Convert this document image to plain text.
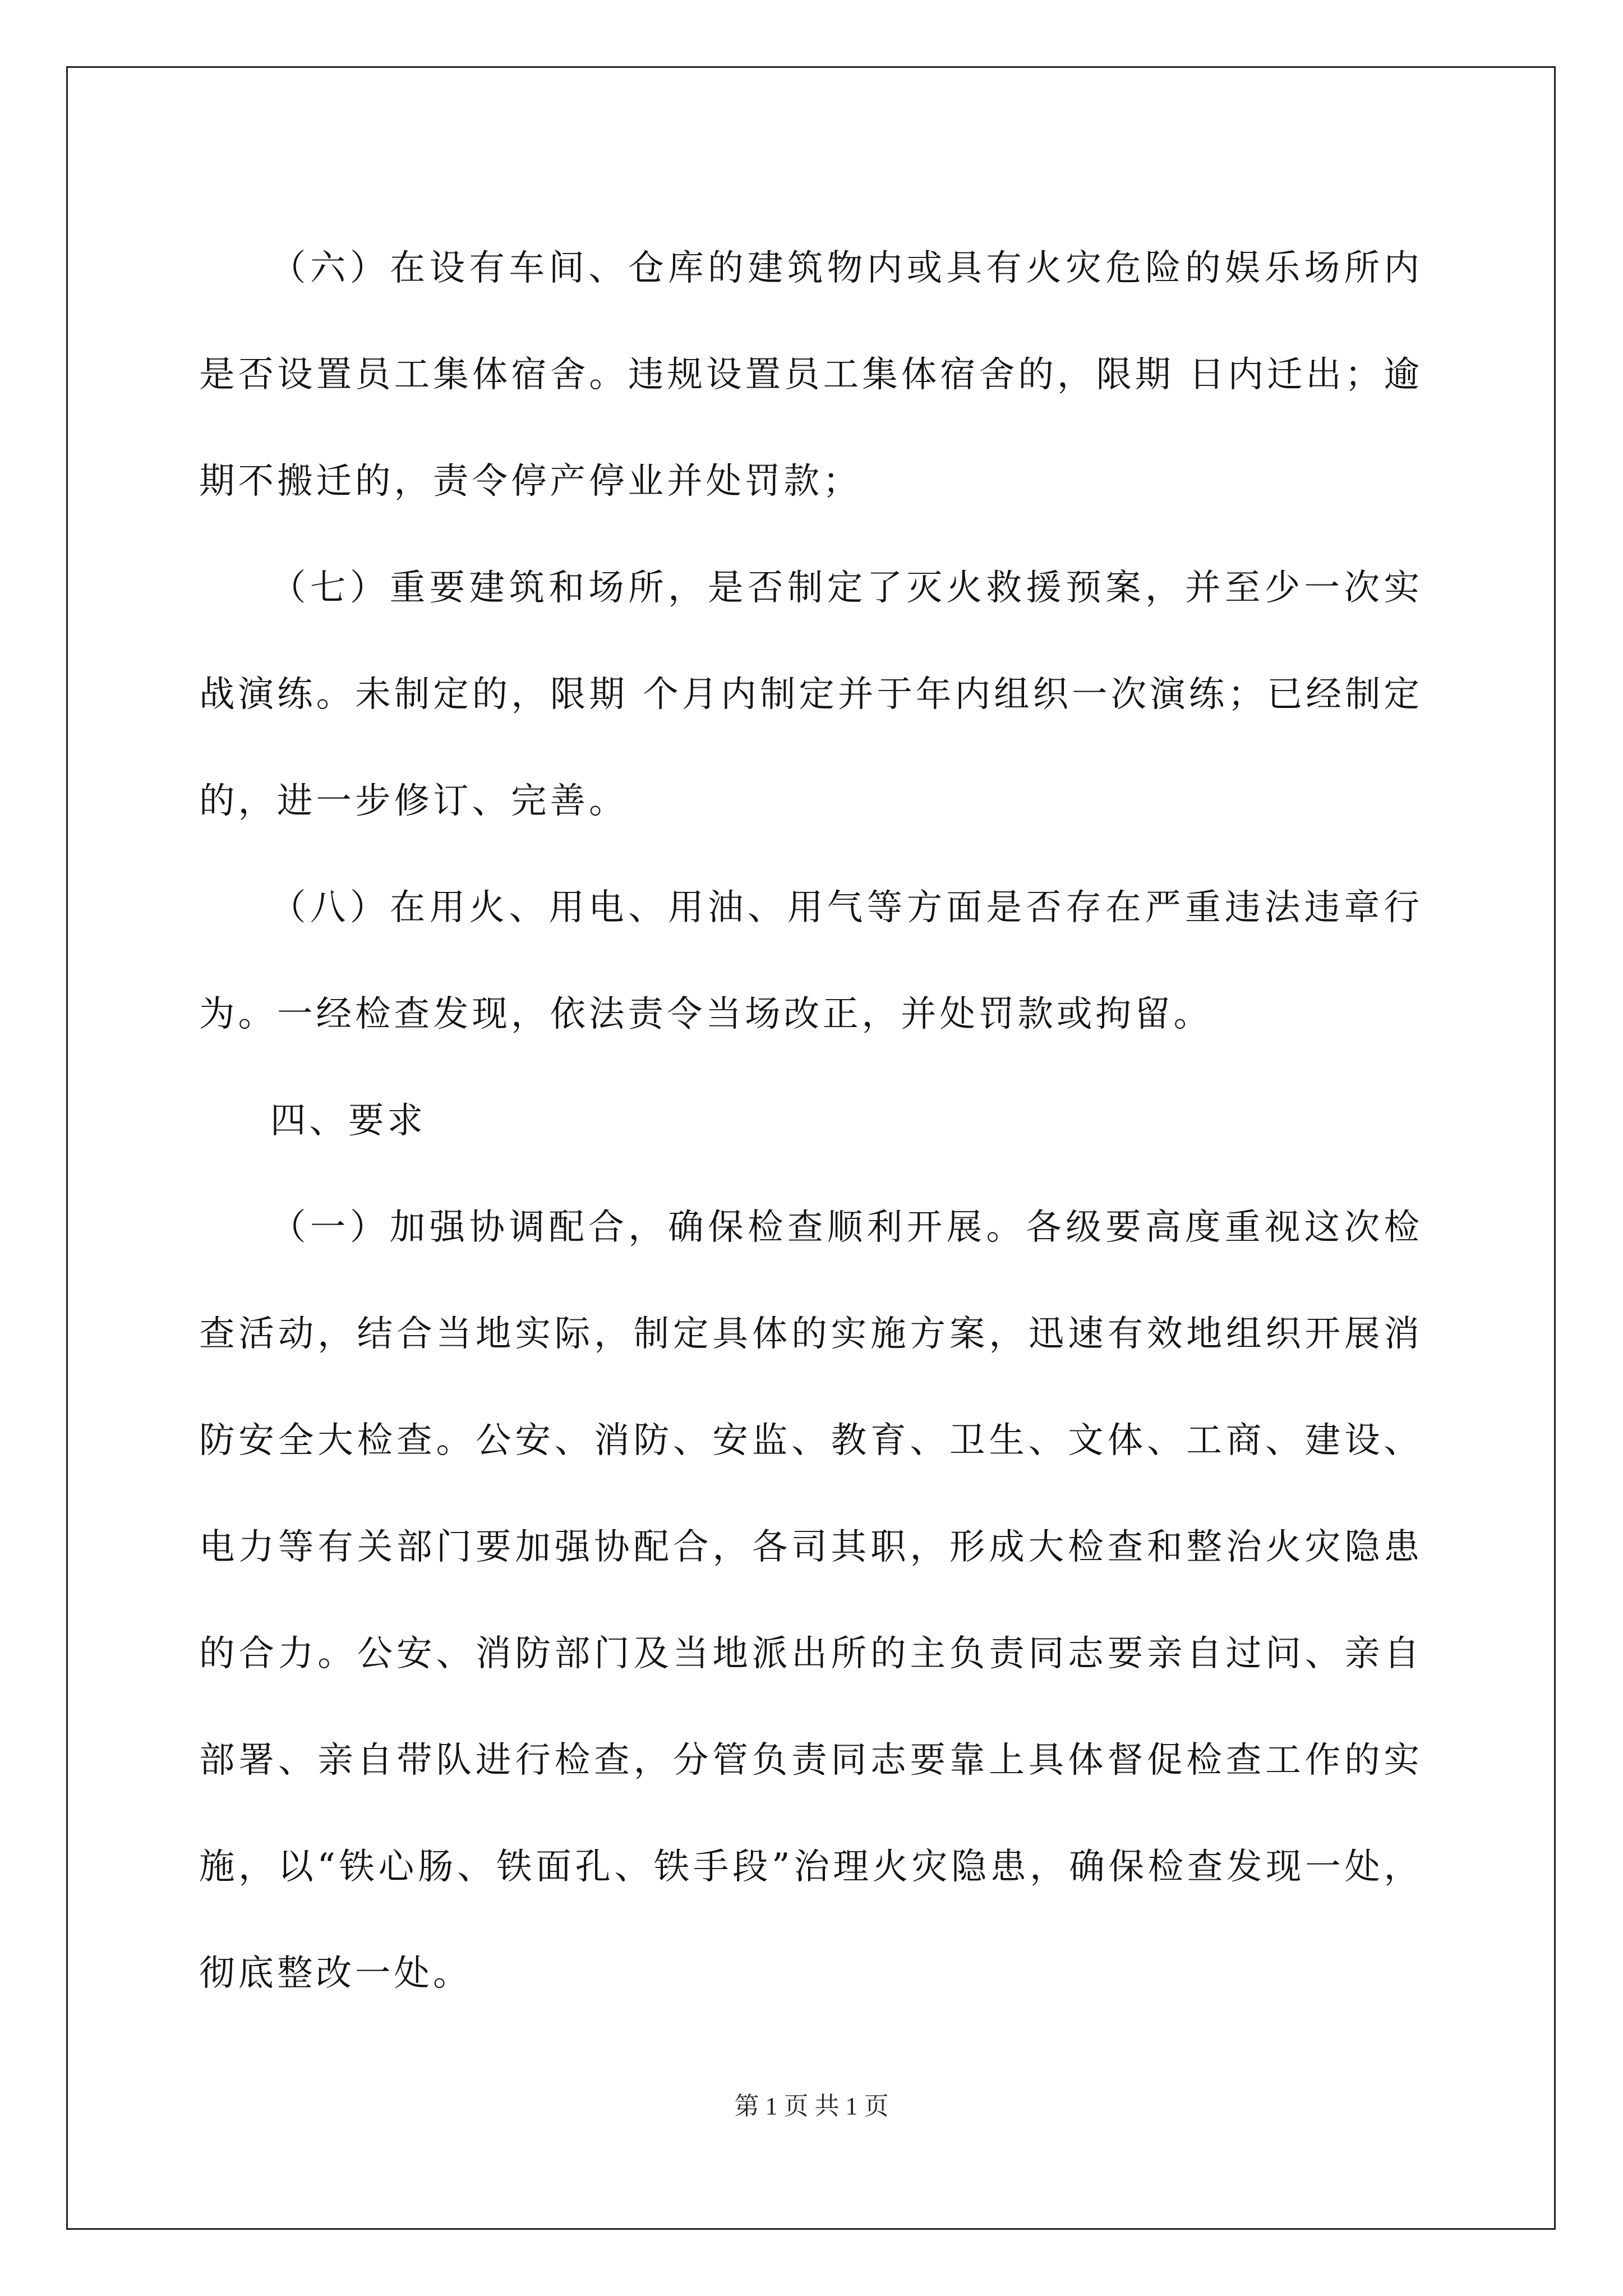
（六）在设有车间、仓库的建筑物内或具有火灾危险的娱乐场所内是否设置员工集体宿舍。违规设置员工集体宿舍的，限期 日内迁出；逾期不搬迁的，责令停产停业并处罚款；

（七）重要建筑和场所，是否制定了灭火救援预案，并至少一次实战演练。未制定的，限期 个月内制定并于年内组织一次演练；已经制定的，进一步修订、完善。

（八）在用火、用电、用油、用气等方面是否存在严重违法违章行为。一经检查发现，依法责令当场改正，并处罚款或拘留。

四、要求

（一）加强协调配合，确保检查顺利开展。各级要高度重视这次检查活动，结合当地实际，制定具体的实施方案，迅速有效地组织开展消防安全大检查。公安、消防、安监、教育、卫生、文体、工商、建设、电力等有关部门要加强协配合，各司其职，形成大检查和整治火灾隐患的合力。公安、消防部门及当地派出所的主负责同志要亲自过问、亲自部署、亲自带队进行检查，分管负责同志要靠上具体督促检查工作的实施，以“铁心肠、铁面孔、铁手段”治理火灾隐患，确保检查发现一处，彻底整改一处。

第 1 页 共 1 页
